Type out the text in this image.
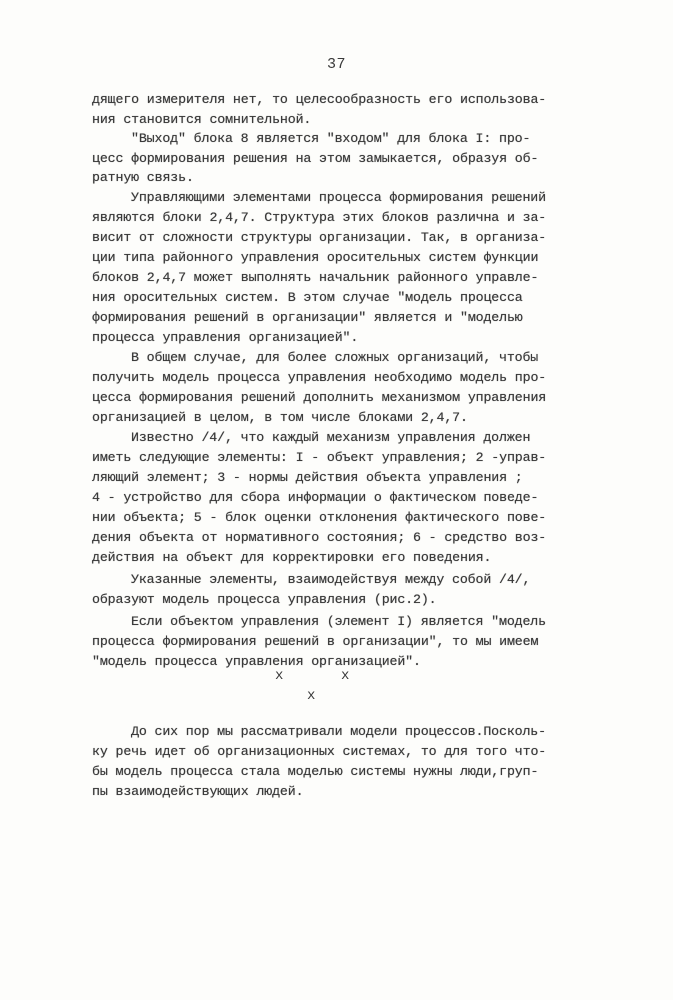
37
дящего измерителя нет, то целесообразность его использова-
ния становится сомнительной.
"Выход" блока 8 является "входом" для блока I: про-
цесс формирования решения на этом замыкается, образуя об-
ратную связь.
Управляющими элементами процесса формирования решений
являются блоки 2,4,7. Структура этих блоков различна и за-
висит от сложности структуры организации. Так, в организа-
ции типа районного управления оросительных систем функции
блоков 2,4,7 может выполнять начальник районного управле-
ния оросительных систем. В этом случае "модель процесса
формирования решений в организации" является и "моделью
процесса управления организацией".
В общем случае, для более сложных организаций, чтобы
получить модель процесса управления необходимо модель про-
цесса формирования решений дополнить механизмом управления
организацией в целом, в том числе блоками 2,4,7.
Известно /4/, что каждый механизм управления должен
иметь следующие элементы: I - объект управления; 2 -управ-
ляющий элемент; 3 - нормы действия объекта управления ;
4 - устройство для сбора информации о фактическом поведе-
нии объекта; 5 - блок оценки отклонения фактического пове-
дения объекта от нормативного состояния; 6 - средство воз-
действия на объект для корректировки его поведения.
Указанные элементы, взаимодействуя между собой /4/,
образуют модель процесса управления (рис.2).
Если объектом управления (элемент I) является "модель
процесса формирования решений в организации", то мы имеем
"модель процесса управления организацией".
x	x
x
До сих пор мы рассматривали модели процессов.Посколь-
ку речь идет об организационных системах, то для того что-
бы модель процесса стала моделью системы нужны люди,груп-
пы взаимодействующих людей.
